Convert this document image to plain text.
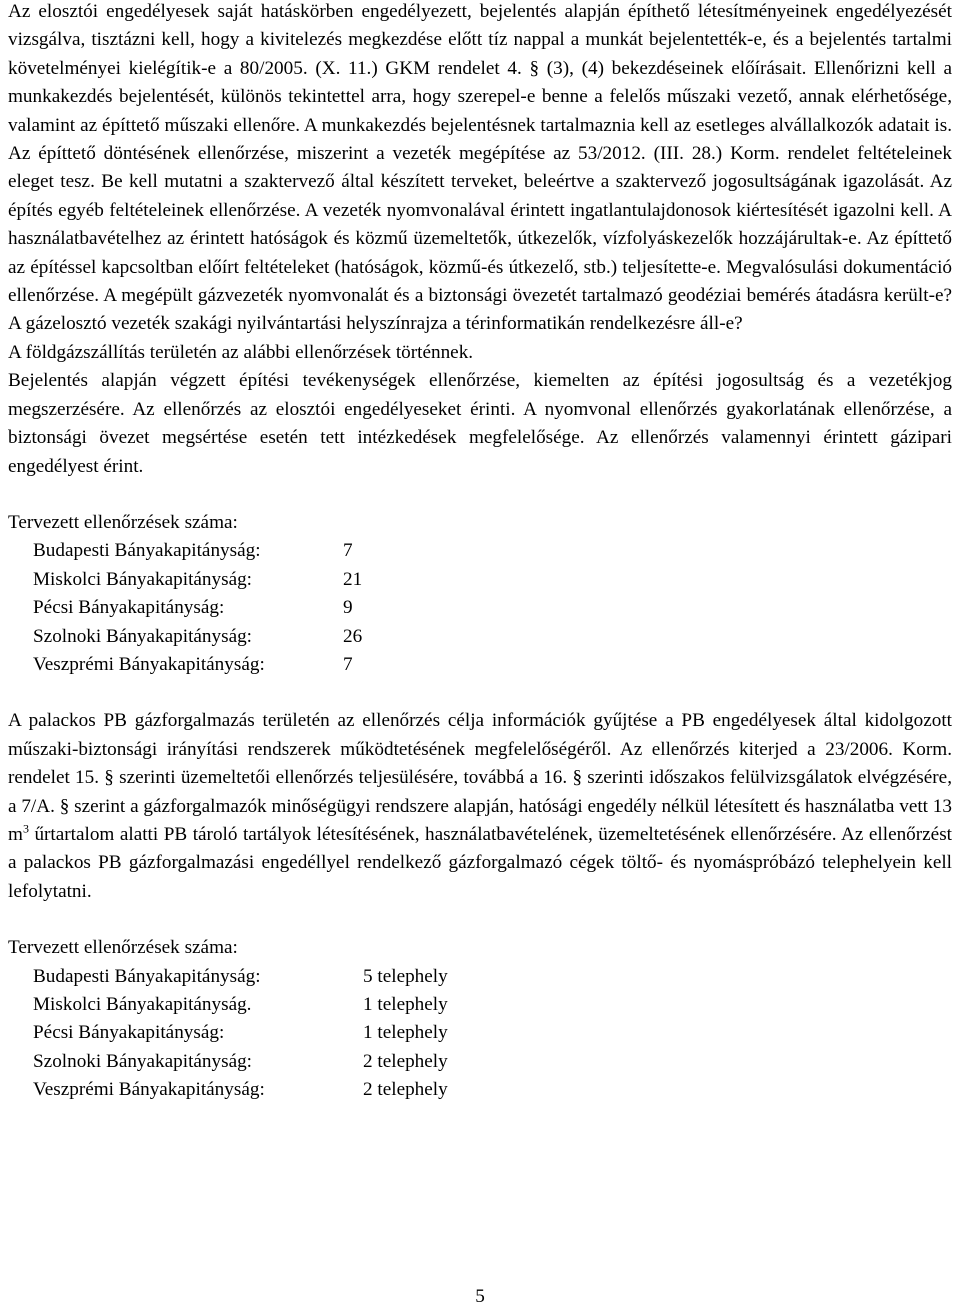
Az elosztói engedélyesek saját hatáskörben engedélyezett, bejelentés alapján építhető létesítményeinek engedélyezését vizsgálva, tisztázni kell, hogy a kivitelezés megkezdése előtt tíz nappal a munkát bejelentették-e, és a bejelentés tartalmi követelményei kielégítik-e a 80/2005. (X. 11.) GKM rendelet 4. § (3), (4) bekezdéseinek előírásait. Ellenőrizni kell a munkakezdés bejelentését, különös tekintettel arra, hogy szerepel-e benne a felelős műszaki vezető, annak elérhetősége, valamint az építtető műszaki ellenőre. A munkakezdés bejelentésnek tartalmaznia kell az esetleges alvállalkozók adatait is. Az építtető döntésének ellenőrzése, miszerint a vezeték megépítése az 53/2012. (III. 28.) Korm. rendelet feltételeinek eleget tesz. Be kell mutatni a szaktervező által készített terveket, beleértve a szaktervező jogosultságának igazolását. Az építés egyéb feltételeinek ellenőrzése. A vezeték nyomvonalával érintett ingatlantulajdonosok kiértesítését igazolni kell. A használatbavételhez az érintett hatóságok és közmű üzemeltetők, útkezelők, vízfolyáskezelők hozzájárultak-e. Az építtető az építéssel kapcsoltban előírt feltételeket (hatóságok, közmű-és útkezelő, stb.) teljesítette-e. Megvalósulási dokumentáció ellenőrzése. A megépült gázvezeték nyomvonalát és a biztonsági övezetét tartalmazó geodéziai bemérés átadásra került-e? A gázelosztó vezeték szakági nyilvántartási helyszínrajza a térinformatikán rendelkezésre áll-e?

A földgázszállítás területén az alábbi ellenőrzések történnek.

Bejelentés alapján végzett építési tevékenységek ellenőrzése, kiemelten az építési jogosultság és a vezetékjog megszerzésére. Az ellenőrzés az elosztói engedélyeseket érinti. A nyomvonal ellenőrzés gyakorlatának ellenőrzése, a biztonsági övezet megsértése esetén tett intézkedések megfelelősége. Az ellenőrzés valamennyi érintett gázipari engedélyest érint.

Tervezett ellenőrzések száma:

Budapesti Bányakapitányság:	7
Miskolci Bányakapitányság:	21
Pécsi Bányakapitányság:	9
Szolnoki Bányakapitányság:	26
Veszprémi Bányakapitányság:	7

A palackos PB gázforgalmazás területén az ellenőrzés célja információk gyűjtése a PB engedélyesek által kidolgozott műszaki-biztonsági irányítási rendszerek működtetésének megfelelőségéről. Az ellenőrzés kiterjed a 23/2006. Korm. rendelet 15. § szerinti üzemeltetői ellenőrzés teljesülésére, továbbá a 16. § szerinti időszakos felülvizsgálatok elvégzésére, a 7/A. § szerint a gázforgalmazók minőségügyi rendszere alapján, hatósági engedély nélkül létesített és használatba vett 13 $m^3$ űrtartalom alatti PB tároló tartályok létesítésének, használatbavételének, üzemeltetésének ellenőrzésére. Az ellenőrzést a palackos PB gázforgalmazási engedéllyel rendelkező gázforgalmazó cégek töltő- és nyomáspróbázó telephelyein kell lefolytatni.

Tervezett ellenőrzések száma:

Budapesti Bányakapitányság:	5 telephely
Miskolci Bányakapitányság.	1 telephely
Pécsi Bányakapitányság:	1 telephely
Szolnoki Bányakapitányság:	2 telephely
Veszprémi Bányakapitányság:	2 telephely
5
